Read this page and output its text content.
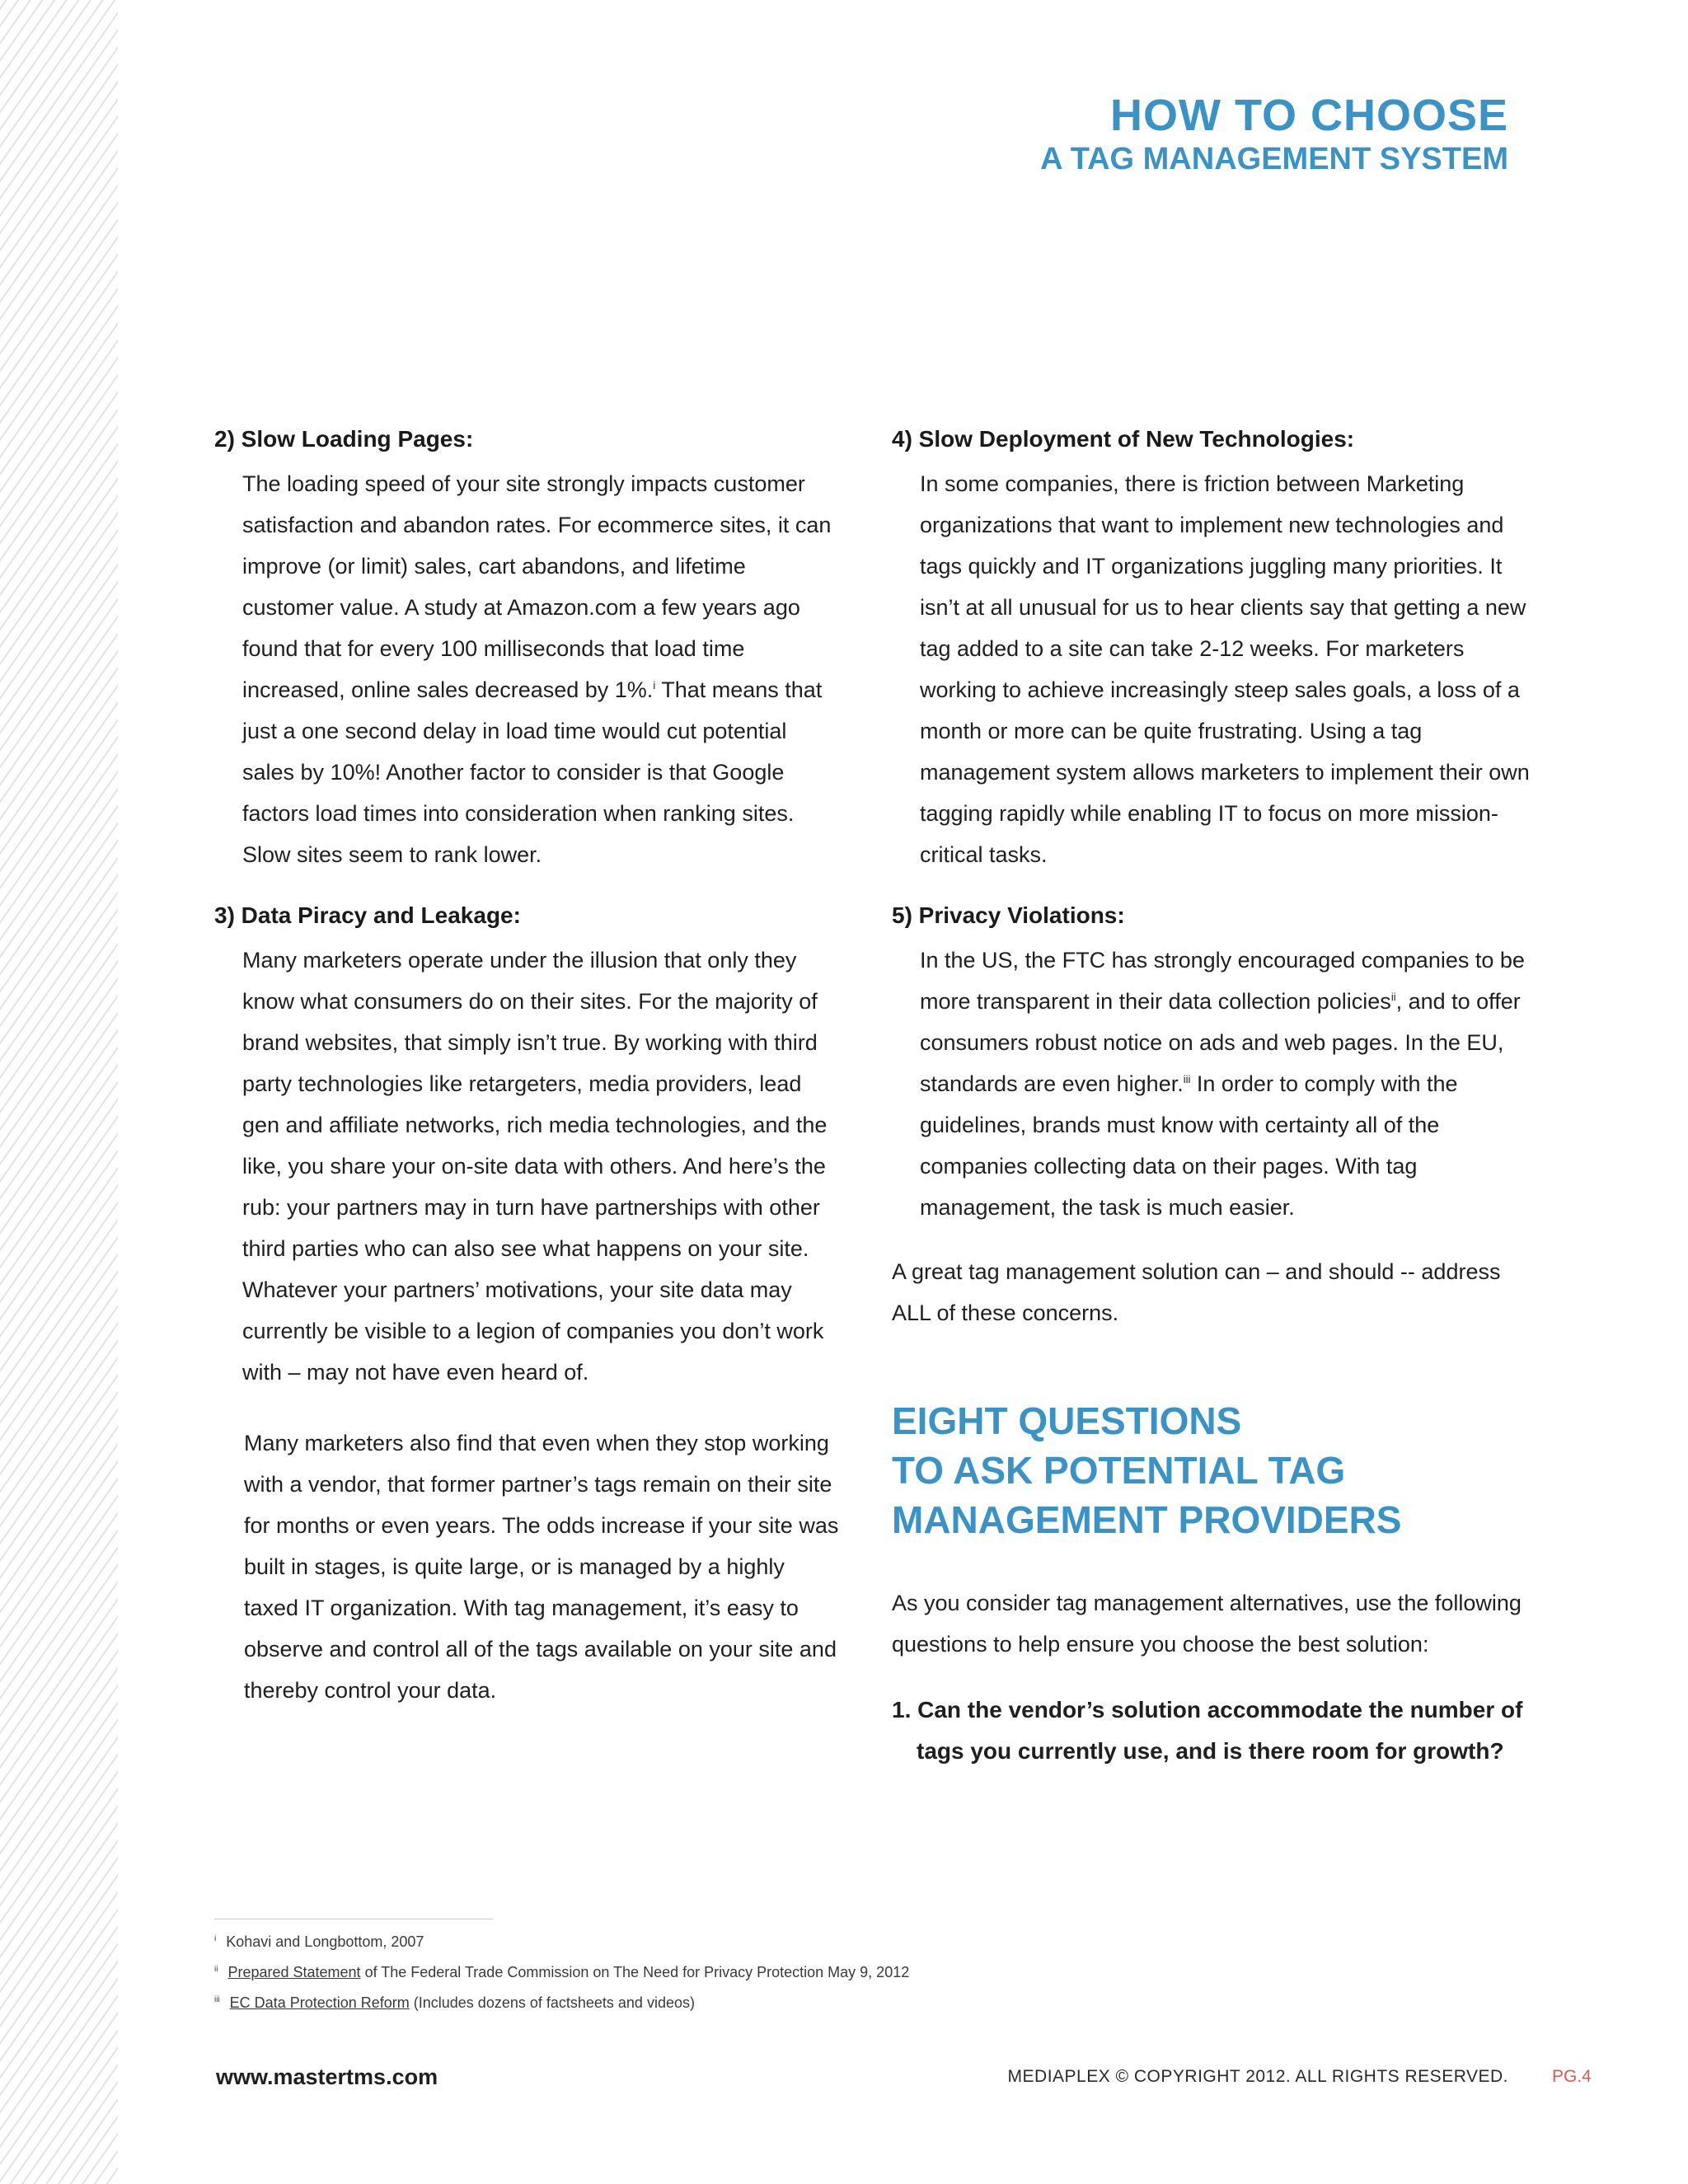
HOW TO CHOOSE
A TAG MANAGEMENT SYSTEM
2) Slow Loading Pages:

The loading speed of your site strongly impacts customer satisfaction and abandon rates. For ecommerce sites, it can improve (or limit) sales, cart abandons, and lifetime customer value. A study at Amazon.com a few years ago found that for every 100 milliseconds that load time increased, online sales decreased by 1%.$^i$ That means that just a one second delay in load time would cut potential sales by 10%! Another factor to consider is that Google factors load times into consideration when ranking sites. Slow sites seem to rank lower.

3) Data Piracy and Leakage:

Many marketers operate under the illusion that only they know what consumers do on their sites. For the majority of brand websites, that simply isn’t true. By working with third party technologies like retargeters, media providers, lead gen and affiliate networks, rich media technologies, and the like, you share your on-site data with others. And here’s the rub: your partners may in turn have partnerships with other third parties who can also see what happens on your site. Whatever your partners’ motivations, your site data may currently be visible to a legion of companies you don’t work with – may not have even heard of.

Many marketers also find that even when they stop working with a vendor, that former partner’s tags remain on their site for months or even years. The odds increase if your site was built in stages, is quite large, or is managed by a highly taxed IT organization. With tag management, it’s easy to observe and control all of the tags available on your site and thereby control your data.
4) Slow Deployment of New Technologies:

In some companies, there is friction between Marketing organizations that want to implement new technologies and tags quickly and IT organizations juggling many priorities. It isn’t at all unusual for us to hear clients say that getting a new tag added to a site can take 2-12 weeks. For marketers working to achieve increasingly steep sales goals, a loss of a month or more can be quite frustrating. Using a tag management system allows marketers to implement their own tagging rapidly while enabling IT to focus on more mission-critical tasks.

5) Privacy Violations:

In the US, the FTC has strongly encouraged companies to be more transparent in their data collection policies$^{ii}$, and to offer consumers robust notice on ads and web pages. In the EU, standards are even higher.$^{iii}$ In order to comply with the guidelines, brands must know with certainty all of the companies collecting data on their pages. With tag management, the task is much easier.

A great tag management solution can – and should -- address ALL of these concerns.
EIGHT QUESTIONS
TO ASK POTENTIAL TAG
MANAGEMENT PROVIDERS

As you consider tag management alternatives, use the following questions to help ensure you choose the best solution:

1. Can the vendor’s solution accommodate the number of tags you currently use, and is there room for growth?
$^i$ Kohavi and Longbottom, 2007
$^{ii}$ Prepared Statement of The Federal Trade Commission on The Need for Privacy Protection May 9, 2012
$^{iii}$ EC Data Protection Reform (Includes dozens of factsheets and videos)
www.mastertms.com	MEDIAPLEX © COPYRIGHT 2012. ALL RIGHTS RESERVED.	PG.4
